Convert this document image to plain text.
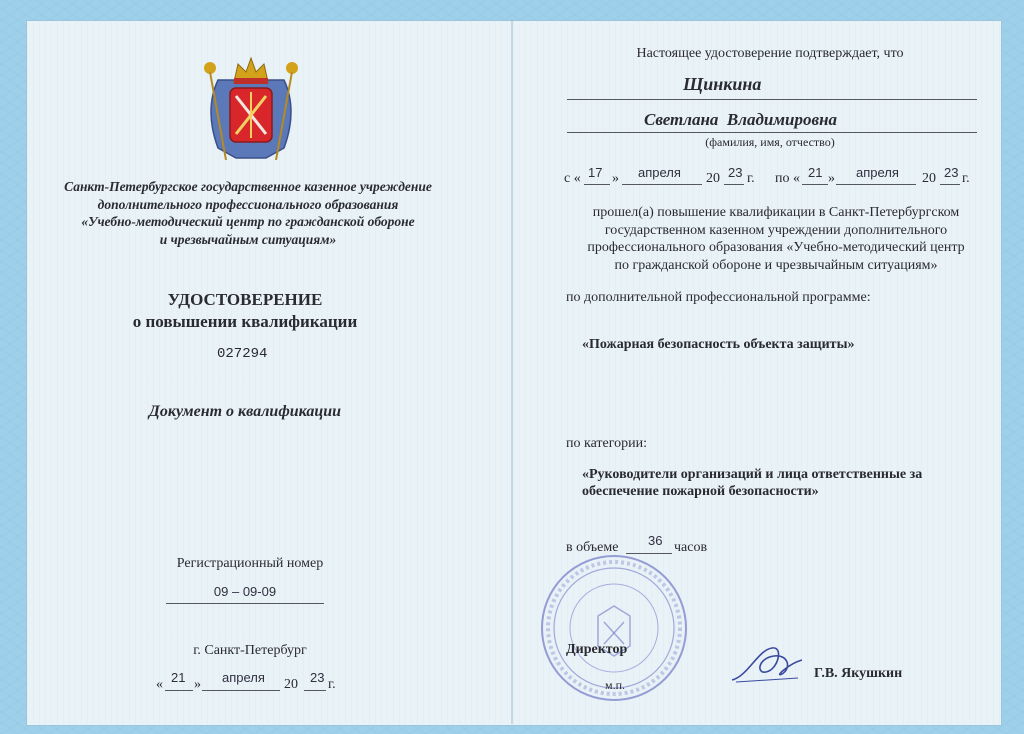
Санкт-Петербургское государственное казенное учреждение
дополнительного профессионального образования
«Учебно-методический центр по гражданской обороне
и чрезвычайным ситуациям»
УДОСТОВЕРЕНИЕ
о повышении квалификации
027294
Документ о квалификации
Регистрационный номер
09 – 09-09
г. Санкт-Петербург
« 21 » апреля 20 23 г.
Настоящее удостоверение подтверждает, что
Щинкина
Светлана  Владимировна
(фамилия, имя, отчество)
с « 17 » апреля 20 23 г. по « 21 » апреля 20 23 г.
прошел(а) повышение квалификации в Санкт-Петербургском
государственном казенном учреждении дополнительного
профессионального образования «Учебно-методический центр
по гражданской обороне и чрезвычайным ситуациям»
по дополнительной профессиональной программе:
«Пожарная безопасность объекта защиты»
по категории:
«Руководители организаций и лица ответственные за
обеспечение пожарной безопасности»
в объеме 36 часов
Директор
м.п.
Г.В. Якушкин
